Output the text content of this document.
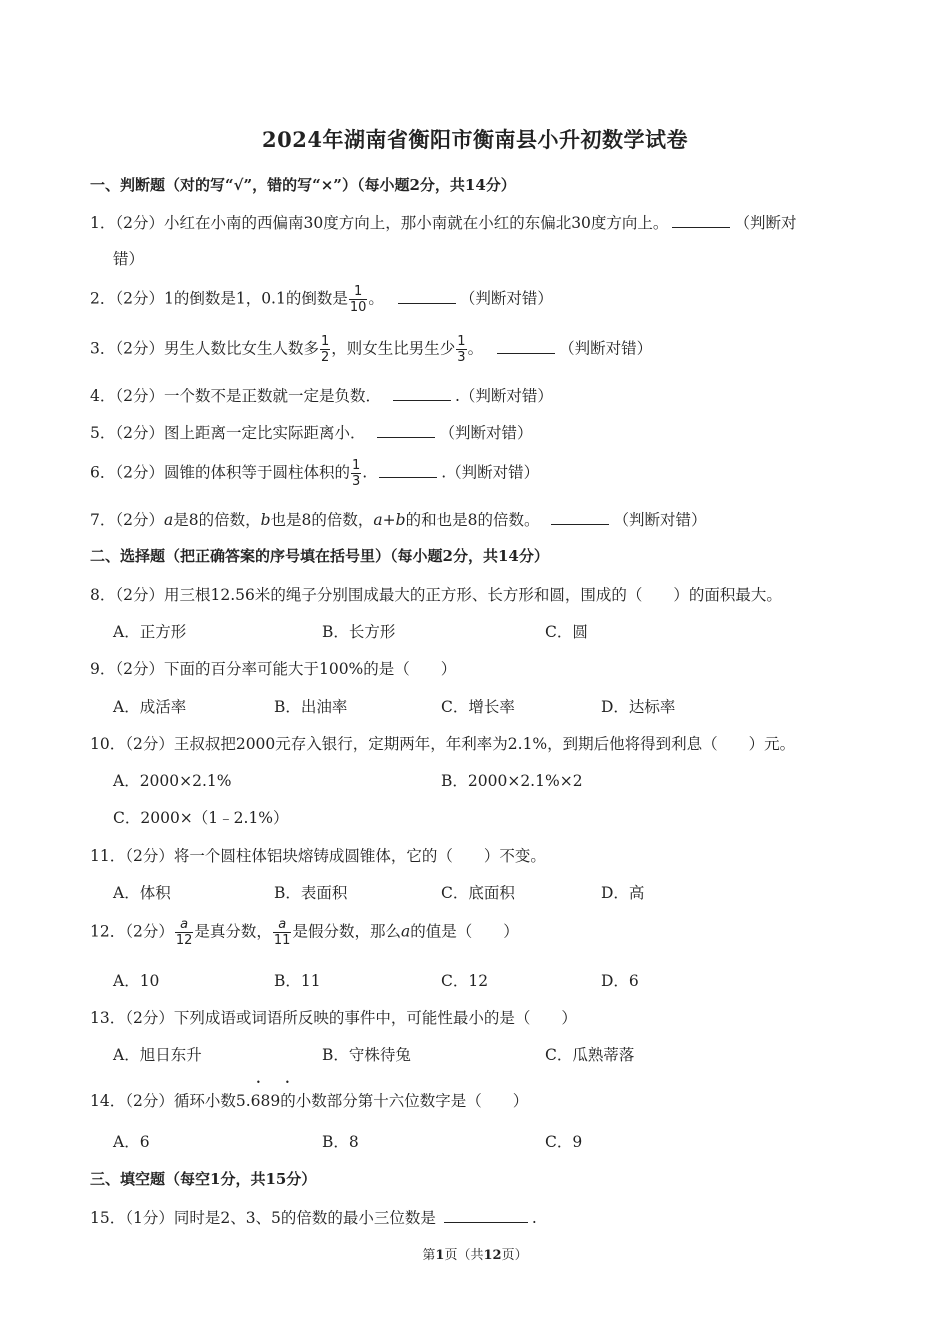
2024年湖南省衡阳市衡南县小升初数学试卷
一、判断题（对的写“√”，错的写“×”）（每小题2分，共14分）
1．（2分）小红在小南的西偏南30度方向上，那小南就在小红的东偏北30度方向上。	（判断对
错）
2．（2分）1的倒数是1，0.1的倒数是 $\frac{1}{10}$ 。	（判断对错）
3．（2分）男生人数比女生人数多 $\frac{1}{2}$ ，则女生比男生少 $\frac{1}{3}$ 。	（判断对错）
4．（2分）一个数不是正数就一定是负数．	.（判断对错）
5．（2分）图上距离一定比实际距离小．	（判断对错）
6．（2分）圆锥的体积等于圆柱体积的 $\frac{1}{3}$ .	.（判断对错）
7．（2分）a是8的倍数，b也是8的倍数，a+b的和也是8的倍数。	（判断对错）
二、选择题（把正确答案的序号填在括号里）（每小题2分，共14分）
8．（2分）用三根12.56米的绳子分别围成最大的正方形、长方形和圆，围成的（　　）的面积最大。
A．正方形	B．长方形	C．圆
9．（2分）下面的百分率可能大于100%的是（　　）
A．成活率	B．出油率	C．增长率	D．达标率
10．（2分）王叔叔把2000元存入银行，定期两年，年利率为2.1%，到期后他将得到利息（　　）元。
A．2000×2.1%	B．2000×2.1%×2
C．2000×（1﹣2.1%）
11．（2分）将一个圆柱体铝块熔铸成圆锥体，它的（　　）不变。
A．体积	B．表面积	C．底面积	D．高
12．（2分） $\frac{a}{12}$ 是真分数， $\frac{a}{11}$ 是假分数，那么a的值是（　　）
A．10	B．11	C．12	D．6
13．（2分）下列成语或词语所反映的事件中，可能性最小的是（　　）
A．旭日东升	B．守株待兔	C．瓜熟蒂落
•	•
14．（2分）循环小数5.689的小数部分第十六位数字是（　　）
A．6	B．8	C．9
三、填空题（每空1分，共15分）
15．（1分）同时是2、3、5的倍数的最小三位数是	.
第1页（共12页）
